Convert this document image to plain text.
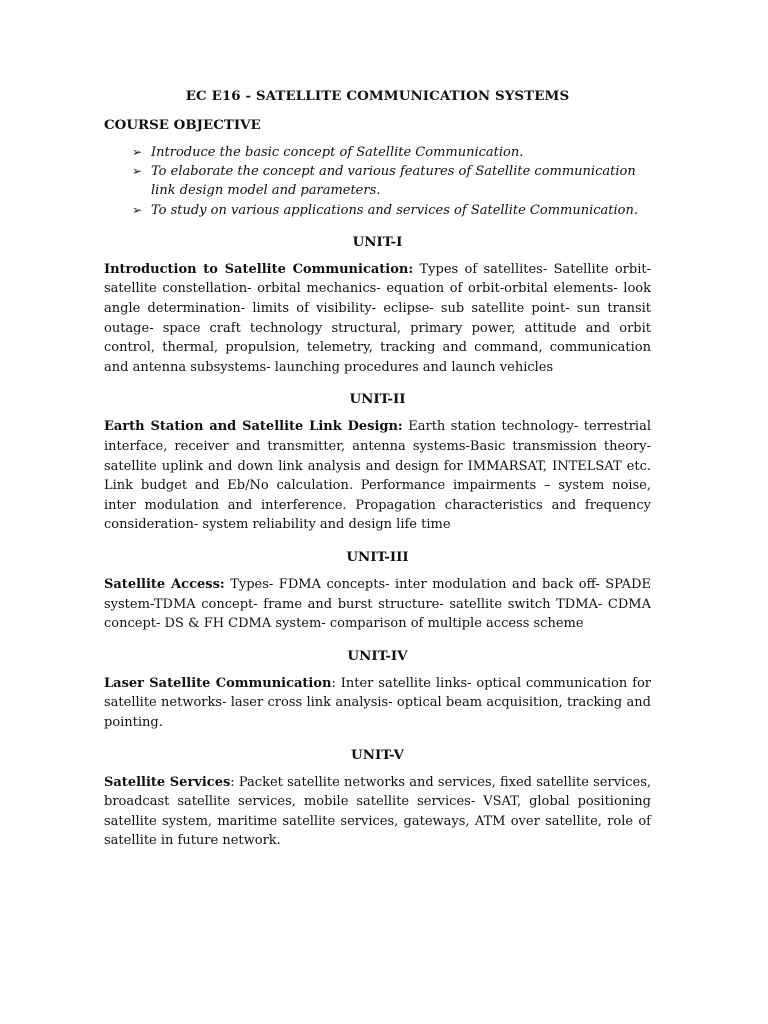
EC E16 - SATELLITE COMMUNICATION SYSTEMS
COURSE OBJECTIVE
➢ Introduce the basic concept of Satellite Communication.
➢ To elaborate the concept and various features of Satellite communication link design model and parameters.
➢ To study on various applications and services of Satellite Communication.
UNIT-I

Introduction to Satellite Communication: Types of satellites- Satellite orbit- satellite constellation- orbital mechanics- equation of orbit-orbital elements- look angle determination- limits of visibility- eclipse- sub satellite point- sun transit outage- space craft technology structural, primary power, attitude and orbit control, thermal, propulsion, telemetry, tracking and command, communication and antenna subsystems- launching procedures and launch vehicles

UNIT-II

Earth Station and Satellite Link Design: Earth station technology- terrestrial interface, receiver and transmitter, antenna systems-Basic transmission theory- satellite uplink and down link analysis and design for IMMARSAT, INTELSAT etc. Link budget and Eb/No calculation. Performance impairments – system noise, inter modulation and interference. Propagation characteristics and frequency consideration- system reliability and design life time

UNIT-III

Satellite Access: Types- FDMA concepts- inter modulation and back off- SPADE system-TDMA concept- frame and burst structure- satellite switch TDMA- CDMA concept- DS & FH CDMA system- comparison of multiple access scheme

UNIT-IV

Laser Satellite Communication: Inter satellite links- optical communication for satellite networks- laser cross link analysis- optical beam acquisition, tracking and pointing.

UNIT-V

Satellite Services: Packet satellite networks and services, fixed satellite services, broadcast satellite services, mobile satellite services- VSAT, global positioning satellite system, maritime satellite services, gateways, ATM over satellite, role of satellite in future network.
